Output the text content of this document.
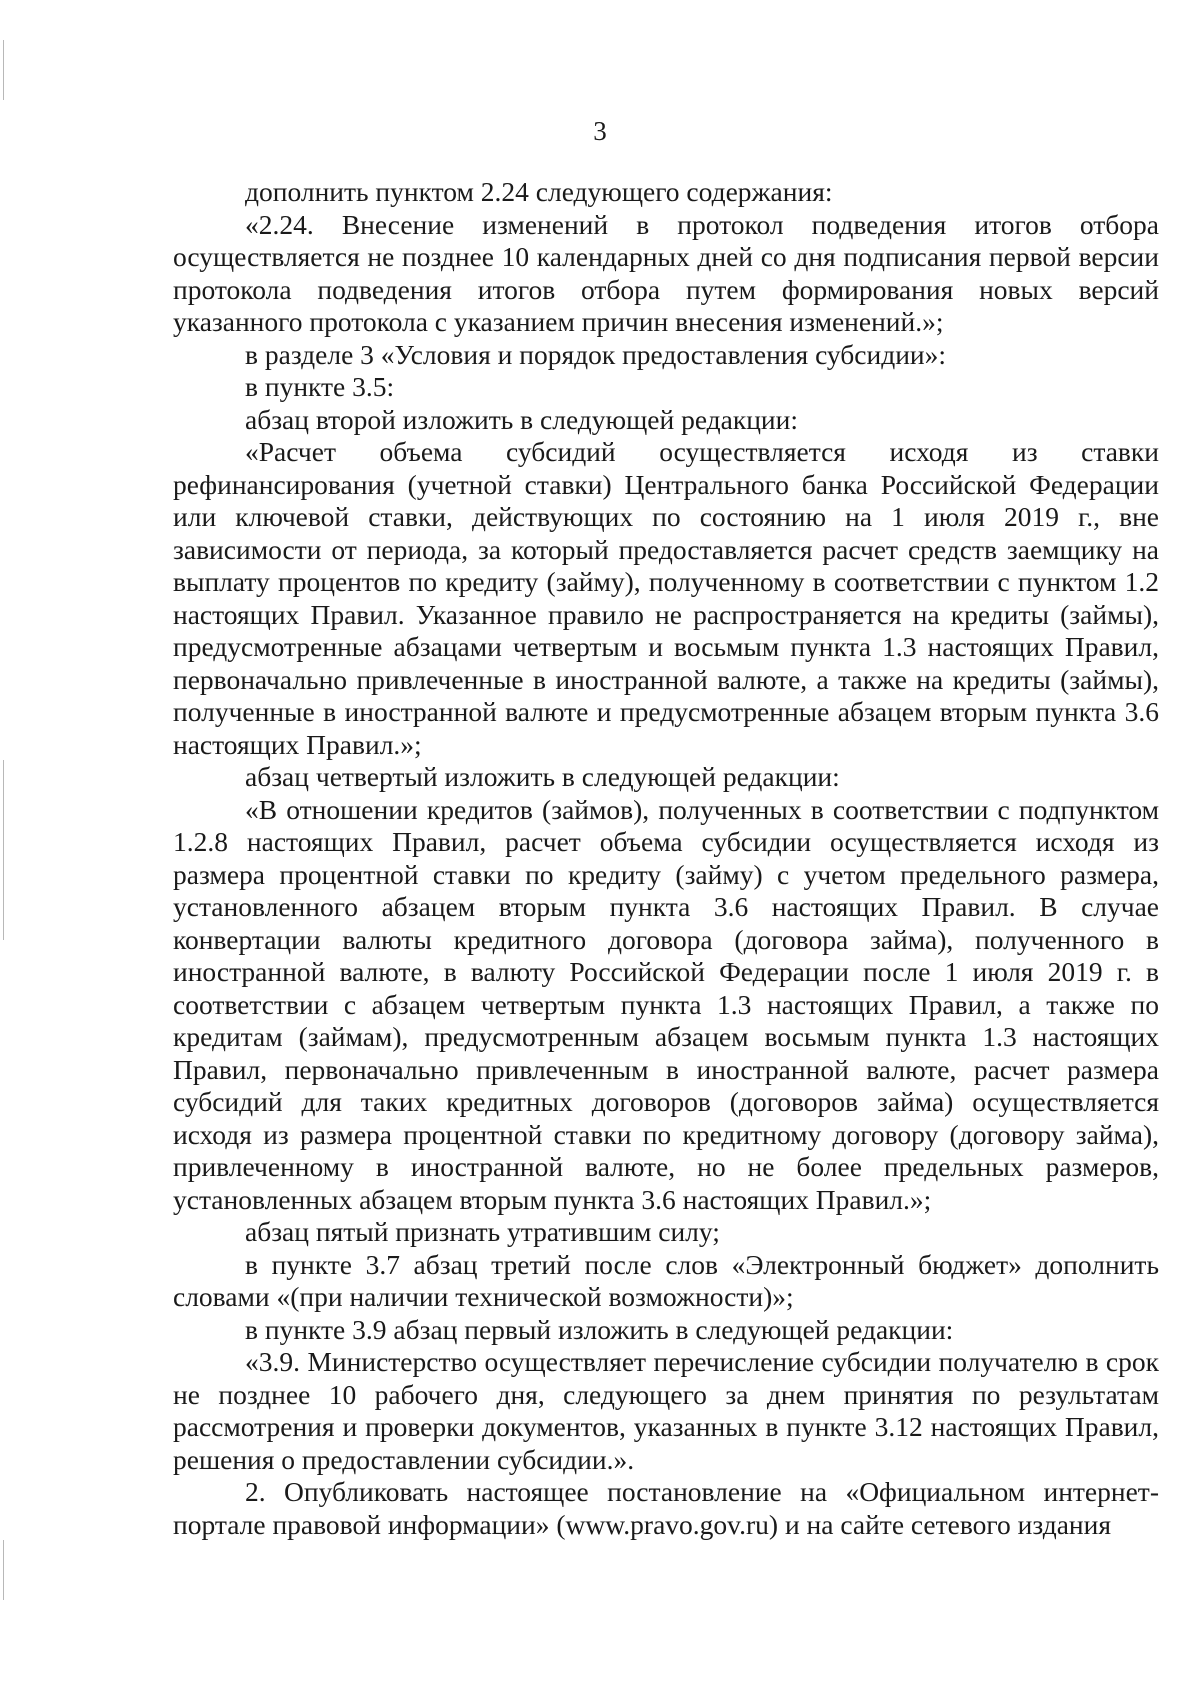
3

дополнить пунктом 2.24 следующего содержания:

«2.24. Внесение изменений в протокол подведения итогов отбора осуществляется не позднее 10 календарных дней со дня подписания первой версии протокола подведения итогов отбора путем формирования новых версий указанного протокола с указанием причин внесения изменений.»;

в разделе 3 «Условия и порядок предоставления субсидии»:

в пункте 3.5:

абзац второй изложить в следующей редакции:

«Расчет объема субсидий осуществляется исходя из ставки рефинансирования (учетной ставки) Центрального банка Российской Федерации или ключевой ставки, действующих по состоянию на 1 июля 2019 г., вне зависимости от периода, за который предоставляется расчет средств заемщику на выплату процентов по кредиту (займу), полученному в соответствии с пунктом 1.2 настоящих Правил. Указанное правило не распространяется на кредиты (займы), предусмотренные абзацами четвертым и восьмым пункта 1.3 настоящих Правил, первоначально привлеченные в иностранной валюте, а также на кредиты (займы), полученные в иностранной валюте и предусмотренные абзацем вторым пункта 3.6 настоящих Правил.»;

абзац четвертый изложить в следующей редакции:

«В отношении кредитов (займов), полученных в соответствии с подпунктом 1.2.8 настоящих Правил, расчет объема субсидии осуществляется исходя из размера процентной ставки по кредиту (займу) с учетом предельного размера, установленного абзацем вторым пункта 3.6 настоящих Правил. В случае конвертации валюты кредитного договора (договора займа), полученного в иностранной валюте, в валюту Российской Федерации после 1 июля 2019 г. в соответствии с абзацем четвертым пункта 1.3 настоящих Правил, а также по кредитам (займам), предусмотренным абзацем восьмым пункта 1.3 настоящих Правил, первоначально привлеченным в иностранной валюте, расчет размера субсидий для таких кредитных договоров (договоров займа) осуществляется исходя из размера процентной ставки по кредитному договору (договору займа), привлеченному в иностранной валюте, но не более предельных размеров, установленных абзацем вторым пункта 3.6 настоящих Правил.»;

абзац пятый признать утратившим силу;

в пункте 3.7 абзац третий после слов «Электронный бюджет» дополнить словами «(при наличии технической возможности)»;

в пункте 3.9 абзац первый изложить в следующей редакции:

«3.9. Министерство осуществляет перечисление субсидии получателю в срок не позднее 10 рабочего дня, следующего за днем принятия по результатам рассмотрения и проверки документов, указанных в пункте 3.12 настоящих Правил, решения о предоставлении субсидии.».

2. Опубликовать настоящее постановление на «Официальном интернет-портале правовой информации» (www.pravo.gov.ru) и на сайте сетевого издания
